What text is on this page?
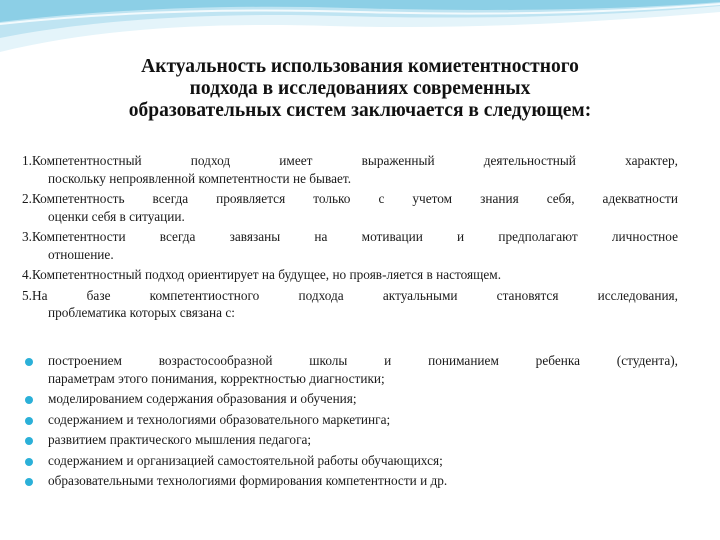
Актуальность использования комиетентностного
подхода в исследованиях современных
образовательных систем заключается в следующем:
1.Компетентностный подход имеет выраженный деятельностный характер,
поскольку непроявленной компетентности не бывает.
2.Компетентность всегда проявляется только с учетом знания себя, адекватности
оценки себя в ситуации.
3.Компетентности всегда завязаны на мотивации и предполагают личностное
отношение.
4.Компетентностный подход ориентирует на будущее, но прояв-ляется в настоящем.
5.На базе компетентиостного подхода актуальными становятся исследования,
проблематика которых связана с:
построением возрастосообразной школы и пониманием ребенка (студента),
параметрам этого понимания, корректностью диагностики;
моделированием содержания образования и обучения;
содержанием и технологиями образовательного маркетинга;
развитием практического мышления педагога;
содержанием и организацией самостоятельной работы обучающихся;
образовательными технологиями формирования компетентности и др.
